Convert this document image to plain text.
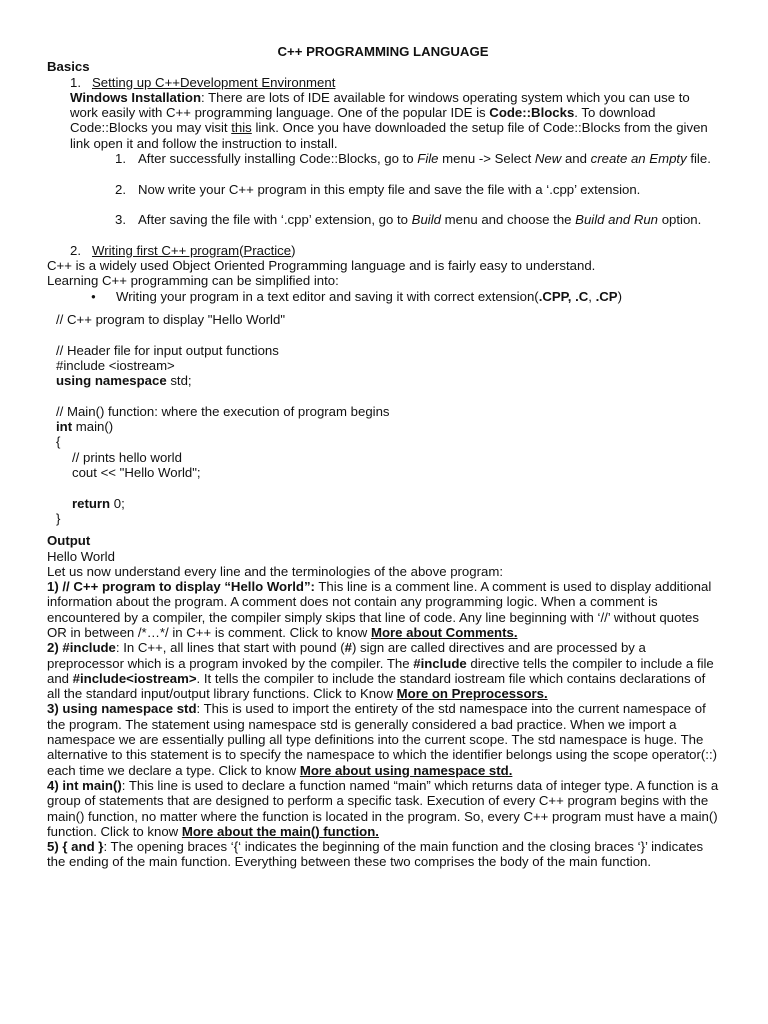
C++ PROGRAMMING LANGUAGE
Basics
1. Setting up C++Development Environment

Windows Installation: There are lots of IDE available for windows operating system which you can use to work easily with C++ programming language. One of the popular IDE is Code::Blocks. To download Code::Blocks you may visit this link. Once you have downloaded the setup file of Code::Blocks from the given link open it and follow the instruction to install.

1. After successfully installing Code::Blocks, go to File menu -> Select New and create an Empty file.
2. Now write your C++ program in this empty file and save the file with a ‘.cpp’ extension.
3. After saving the file with ‘.cpp’ extension, go to Build menu and choose the Build and Run option.
2. Writing first C++ program(Practice)

C++ is a widely used Object Oriented Programming language and is fairly easy to understand.

Learning C++ programming can be simplified into:

●	Writing your program in a text editor and saving it with correct extension(.CPP, .C, .CP)
// C++ program to display "Hello World"
// Header file for input output functions
#include <iostream>
using namespace std;
// Main() function: where the execution of program begins
int main()
{
// prints hello world
cout << "Hello World";
return 0;
}
Output
Hello World
Let us now understand every line and the terminologies of the above program:

1) // C++ program to display “Hello World”: This line is a comment line. A comment is used to display additional information about the program. A comment does not contain any programming logic. When a comment is encountered by a compiler, the compiler simply skips that line of code. Any line beginning with ‘//’ without quotes OR in between /*…*/ in C++ is comment. Click to know More about Comments.

2) #include: In C++, all lines that start with pound (#) sign are called directives and are processed by a preprocessor which is a program invoked by the compiler. The #include directive tells the compiler to include a file and #include<iostream>. It tells the compiler to include the standard iostream file which contains declarations of all the standard input/output library functions. Click to Know More on Preprocessors.

3) using namespace std: This is used to import the entirety of the std namespace into the current namespace of the program. The statement using namespace std is generally considered a bad practice. When we import a namespace we are essentially pulling all type definitions into the current scope. The std namespace is huge. The alternative to this statement is to specify the namespace to which the identifier belongs using the scope operator(::) each time we declare a type. Click to know More about using namespace std.

4) int main(): This line is used to declare a function named “main” which returns data of integer type. A function is a group of statements that are designed to perform a specific task. Execution of every C++ program begins with the main() function, no matter where the function is located in the program. So, every C++ program must have a main() function. Click to know More about the main() function.

5) { and }: The opening braces ‘{‘ indicates the beginning of the main function and the closing braces ‘}’ indicates the ending of the main function. Everything between these two comprises the body of the main function.
